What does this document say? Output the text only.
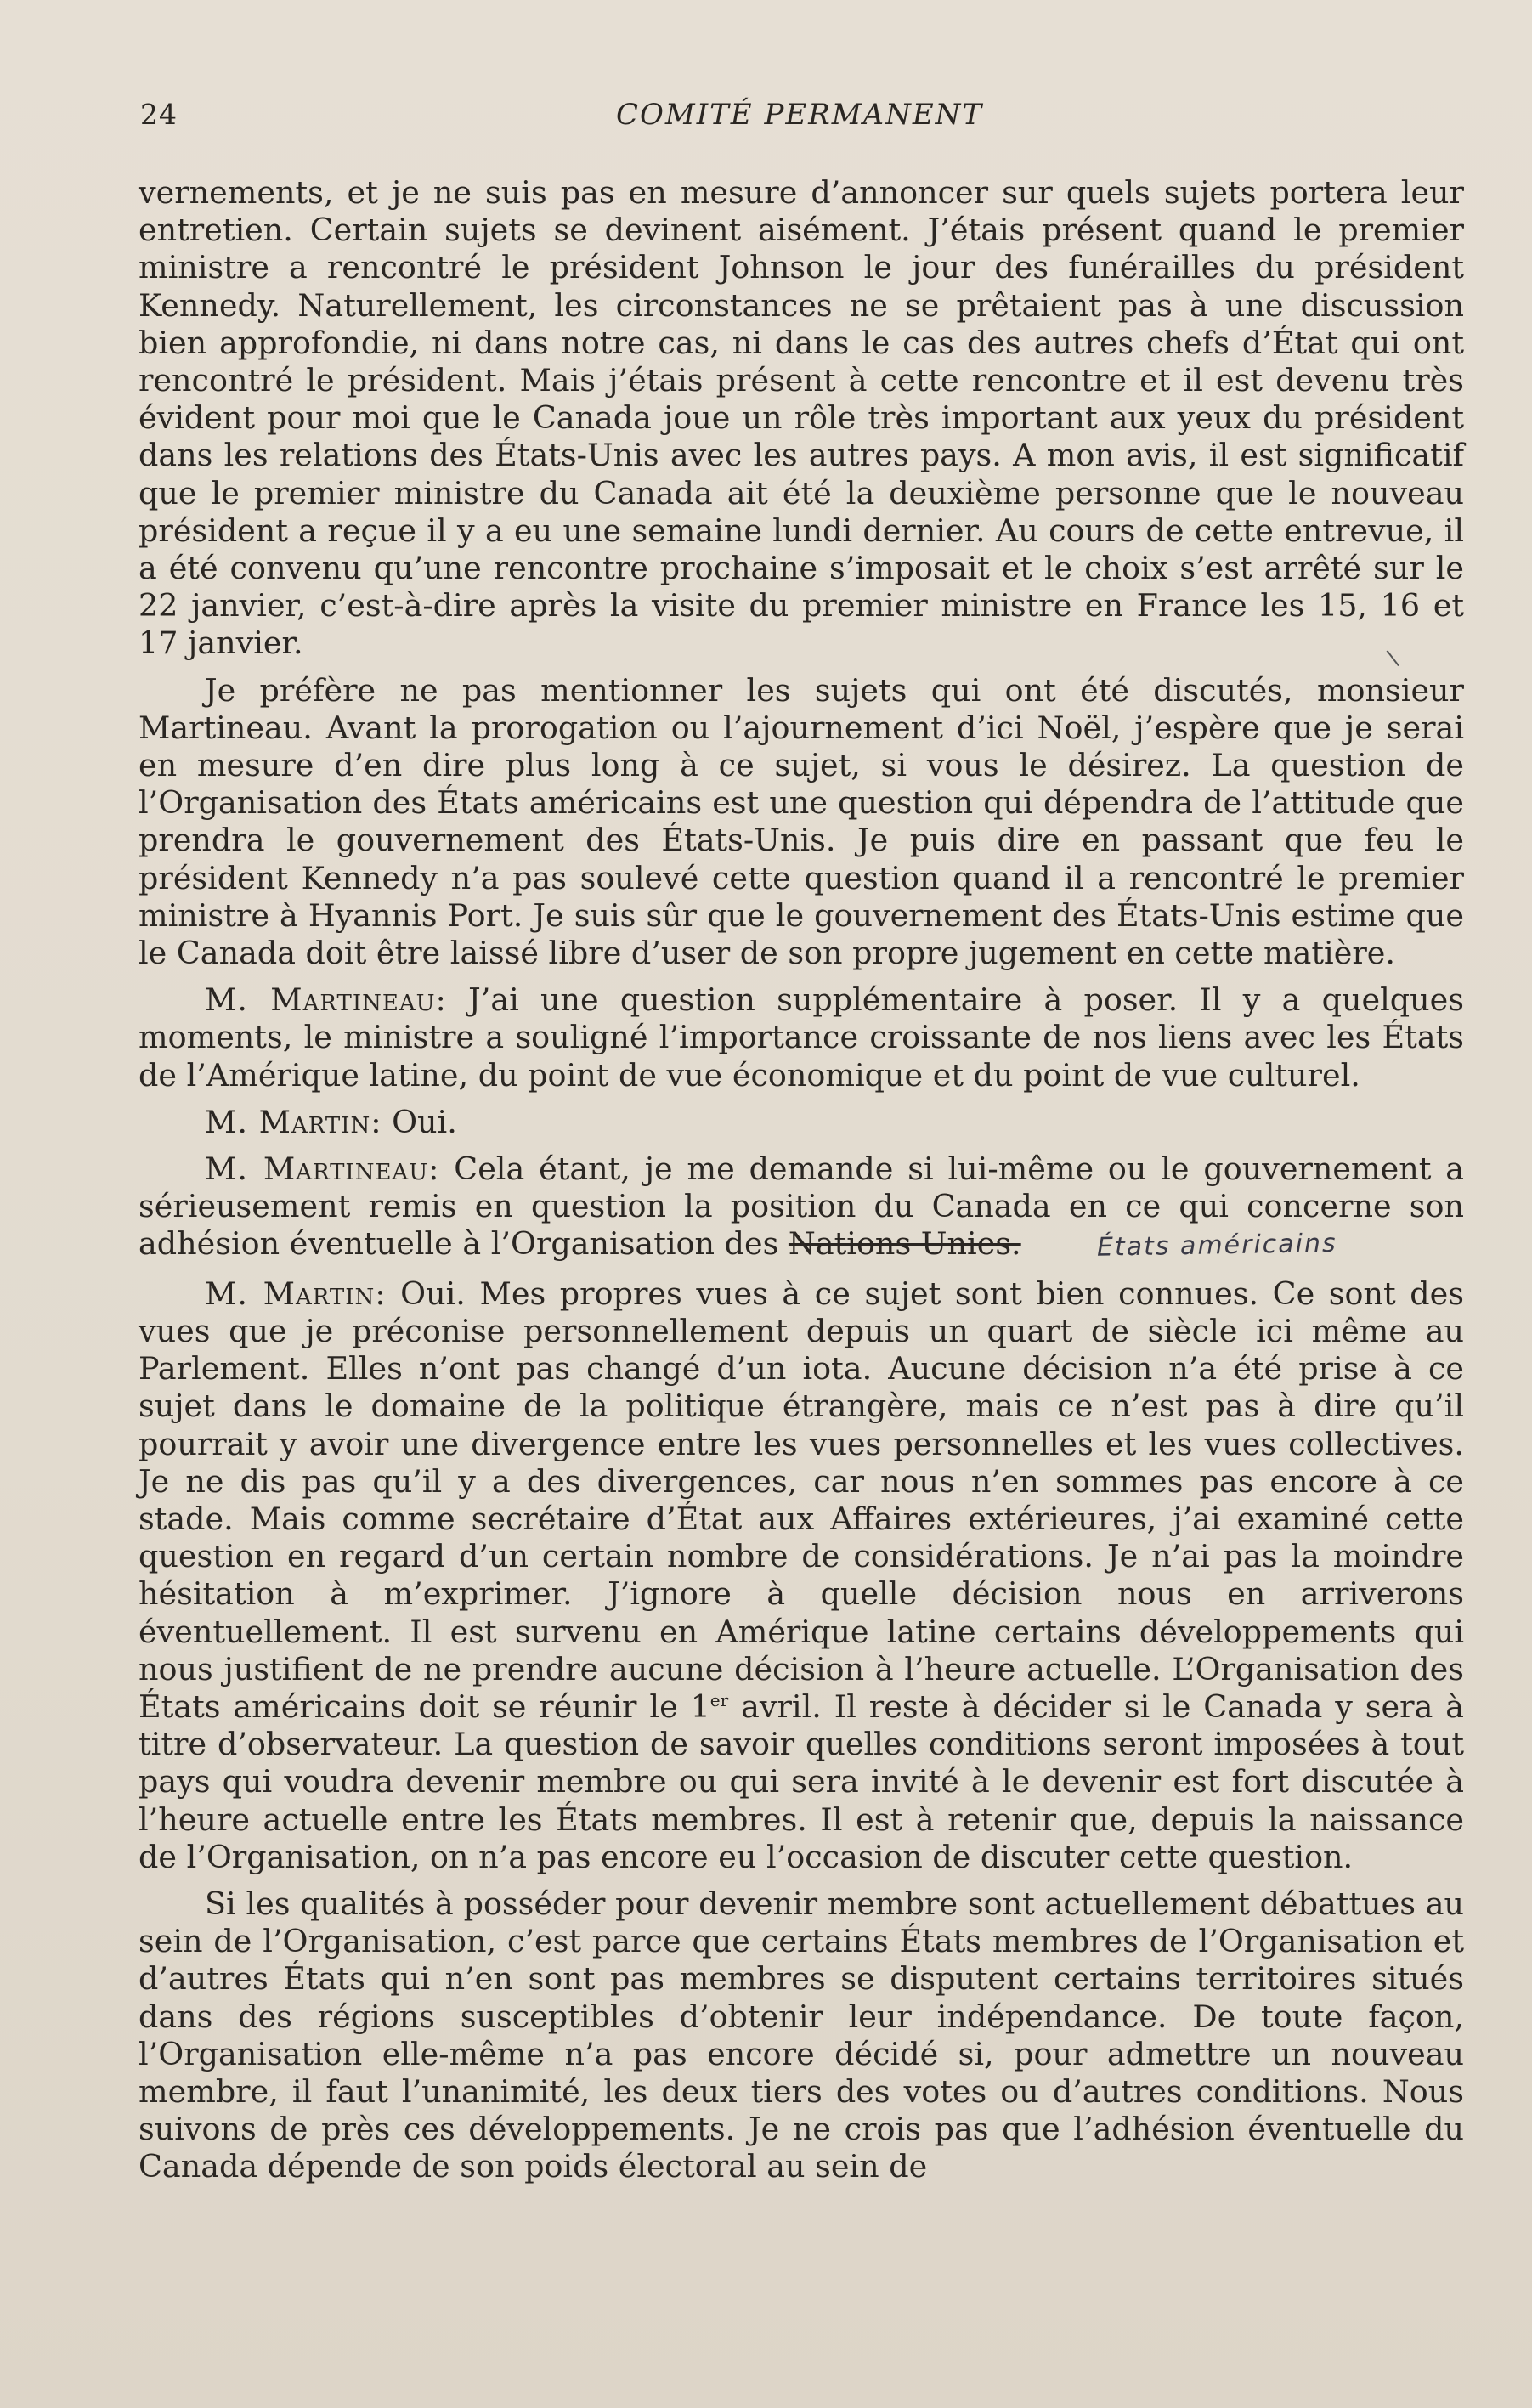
24	COMITÉ PERMANENT
\

vernements, et je ne suis pas en mesure d’annoncer sur quels sujets portera leur entretien. Certain sujets se devinent aisément. J’étais présent quand le premier ministre a rencontré le président Johnson le jour des funérailles du président Kennedy. Naturellement, les circonstances ne se prêtaient pas à une discussion bien approfondie, ni dans notre cas, ni dans le cas des autres chefs d’État qui ont rencontré le président. Mais j’étais présent à cette rencontre et il est devenu très évident pour moi que le Canada joue un rôle très important aux yeux du président dans les relations des États-Unis avec les autres pays. A mon avis, il est significatif que le premier ministre du Canada ait été la deuxième personne que le nouveau président a reçue il y a eu une semaine lundi dernier. Au cours de cette entrevue, il a été convenu qu’une rencontre prochaine s’imposait et le choix s’est arrêté sur le 22 janvier, c’est-à-dire après la visite du premier ministre en France les 15, 16 et 17 janvier.

Je préfère ne pas mentionner les sujets qui ont été discutés, monsieur Martineau. Avant la prorogation ou l’ajournement d’ici Noël, j’espère que je serai en mesure d’en dire plus long à ce sujet, si vous le désirez. La question de l’Organisation des États américains est une question qui dépendra de l’attitude que prendra le gouvernement des États-Unis. Je puis dire en passant que feu le président Kennedy n’a pas soulevé cette question quand il a rencontré le premier ministre à Hyannis Port. Je suis sûr que le gouvernement des États-Unis estime que le Canada doit être laissé libre d’user de son propre jugement en cette matière.

M. Martineau: J’ai une question supplémentaire à poser. Il y a quelques moments, le ministre a souligné l’importance croissante de nos liens avec les États de l’Amérique latine, du point de vue économique et du point de vue culturel.

M. Martin: Oui.

M. Martineau: Cela étant, je me demande si lui-même ou le gouvernement a sérieusement remis en question la position du Canada en ce qui concerne son adhésion éventuelle à l’Organisation des Nations Unies.	États américains

M. Martin: Oui. Mes propres vues à ce sujet sont bien connues. Ce sont des vues que je préconise personnellement depuis un quart de siècle ici même au Parlement. Elles n’ont pas changé d’un iota. Aucune décision n’a été prise à ce sujet dans le domaine de la politique étrangère, mais ce n’est pas à dire qu’il pourrait y avoir une divergence entre les vues personnelles et les vues collectives. Je ne dis pas qu’il y a des divergences, car nous n’en sommes pas encore à ce stade. Mais comme secrétaire d’État aux Affaires extérieures, j’ai examiné cette question en regard d’un certain nombre de considérations. Je n’ai pas la moindre hésitation à m’exprimer. J’ignore à quelle décision nous en arriverons éventuellement. Il est survenu en Amérique latine certains développements qui nous justifient de ne prendre aucune décision à l’heure actuelle. L’Organisation des États américains doit se réunir le 1er avril. Il reste à décider si le Canada y sera à titre d’observateur. La question de savoir quelles conditions seront imposées à tout pays qui voudra devenir membre ou qui sera invité à le devenir est fort discutée à l’heure actuelle entre les États membres. Il est à retenir que, depuis la naissance de l’Organisation, on n’a pas encore eu l’occasion de discuter cette question.

Si les qualités à posséder pour devenir membre sont actuellement débattues au sein de l’Organisation, c’est parce que certains États membres de l’Organisation et d’autres États qui n’en sont pas membres se disputent certains territoires situés dans des régions susceptibles d’obtenir leur indépendance. De toute façon, l’Organisation elle-même n’a pas encore décidé si, pour admettre un nouveau membre, il faut l’unanimité, les deux tiers des votes ou d’autres conditions. Nous suivons de près ces développements. Je ne crois pas que l’adhésion éventuelle du Canada dépende de son poids électoral au sein de
